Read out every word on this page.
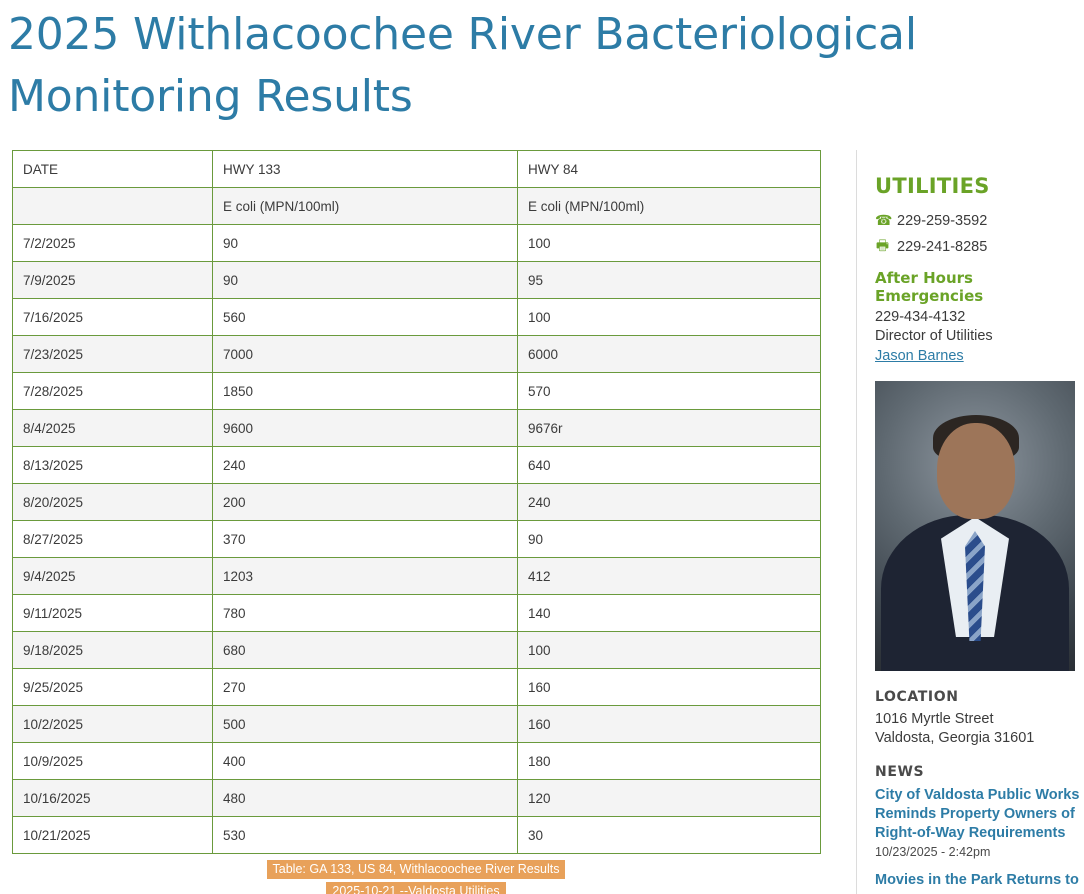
2025 Withlacoochee River Bacteriological Monitoring Results
DATE	HWY 133	HWY 84
	E coli (MPN/100ml)	E coli (MPN/100ml)
7/2/2025	90	100
7/9/2025	90	95
7/16/2025	560	100
7/23/2025	7000	6000
7/28/2025	1850	570
8/4/2025	9600	9676r
8/13/2025	240	640
8/20/2025	200	240
8/27/2025	370	90
9/4/2025	1203	412
9/11/2025	780	140
9/18/2025	680	100
9/25/2025	270	160
10/2/2025	500	160
10/9/2025	400	180
10/16/2025	480	120
10/21/2025	530	30
Table: GA 133, US 84, Withlacoochee River Results
2025-10-21 --Valdosta Utilities
UTILITIES
☎ 229-259-3592
🖶 229-241-8285
After Hours Emergencies
229-434-4132
Director of Utilities
Jason Barnes
LOCATION
1016 Myrtle Street
Valdosta, Georgia 31601
NEWS
City of Valdosta Public Works Reminds Property Owners of Right-of-Way Requirements
10/23/2025 - 2:42pm
Movies in the Park Returns to
